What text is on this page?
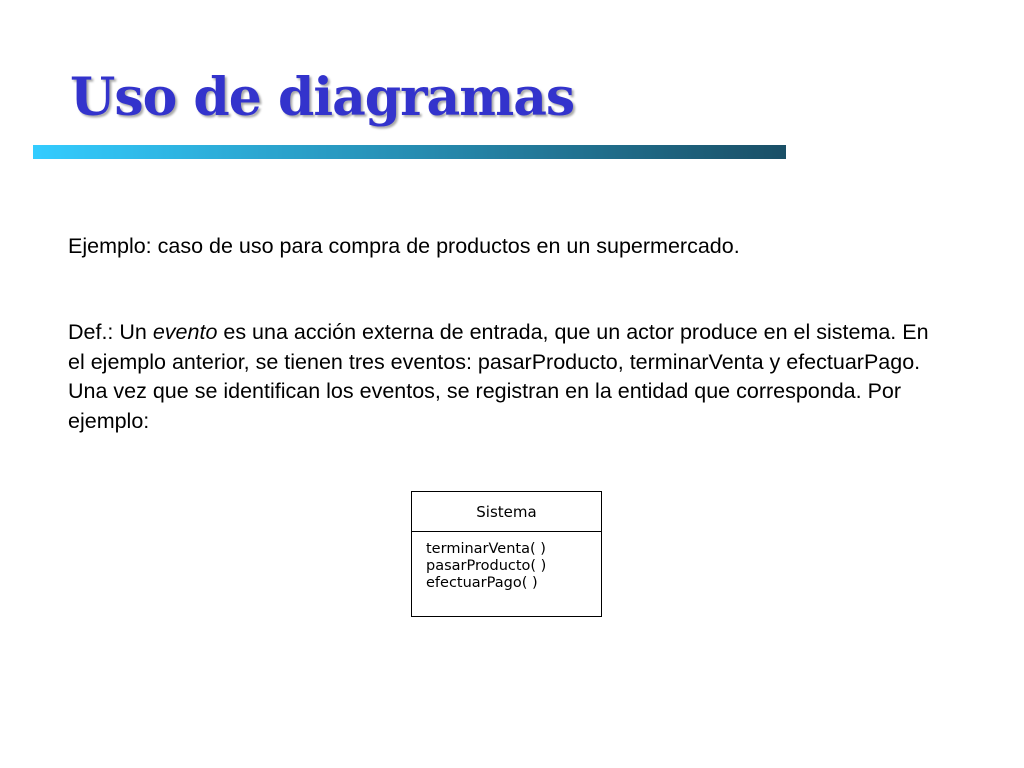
Uso de diagramas

Ejemplo: caso de uso para compra de productos en un supermercado.

Def.: Un evento es una acción externa de entrada, que un actor produce en el sistema. En el ejemplo anterior, se tienen tres eventos: pasarProducto, terminarVenta y efectuarPago. Una vez que se identifican los eventos, se registran en la entidad que corresponda. Por ejemplo:

Sistema
terminarVenta( )
pasarProducto( )
efectuarPago( )
